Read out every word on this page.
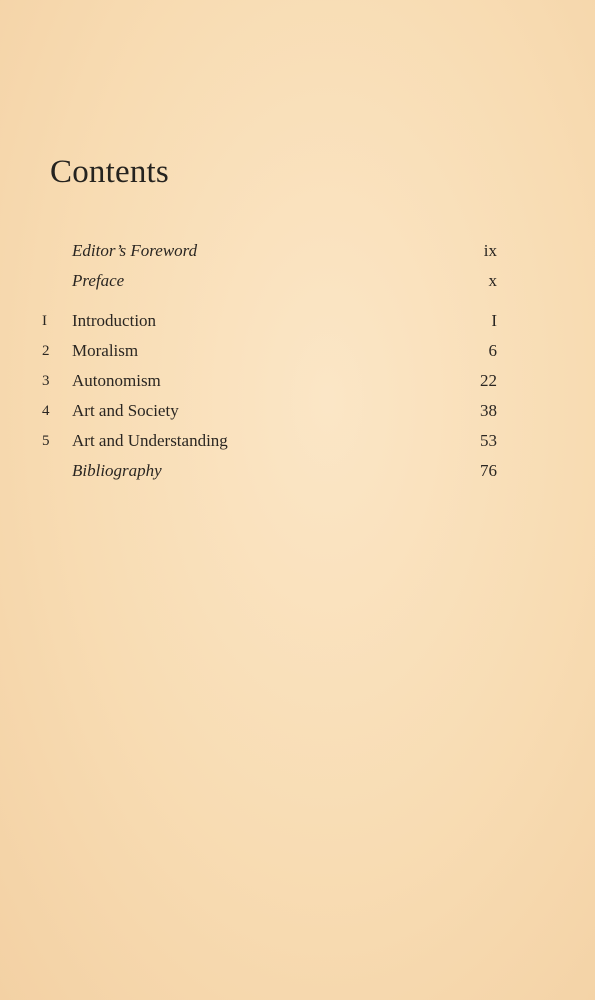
Contents
Editor’s Foreword	ix
Preface	x
I	Introduction	I
2	Moralism	6
3	Autonomism	22
4	Art and Society	38
5	Art and Understanding	53
Bibliography	76
